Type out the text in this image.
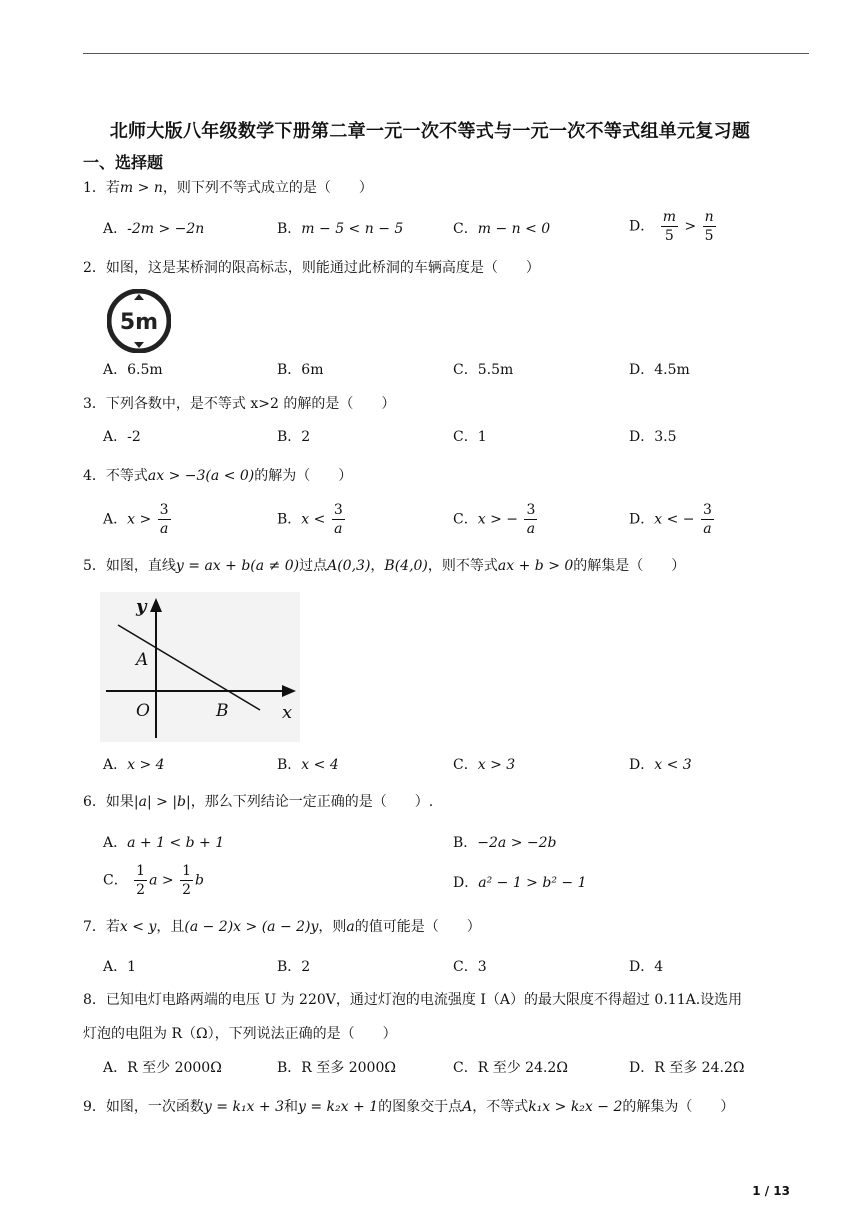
北师大版八年级数学下册第二章一元一次不等式与一元一次不等式组单元复习题
一、选择题
1．若m > n，则下列不等式成立的是（　　）
A．-2m > −2n	B．m − 5 < n − 5	C．m − n < 0	D． $\frac{m}{5} > \frac{n}{5}$
2．如图，这是某桥洞的限高标志，则能通过此桥洞的车辆高度是（　　）
5m
A．6.5m	B．6m	C．5.5m	D．4.5m
3．下列各数中，是不等式 x>2 的解的是（　　）
A．-2	B．2	C．1	D．3.5
4．不等式ax > −3(a < 0)的解为（　　）
A．$x > \frac{3}{a}$	B．$x < \frac{3}{a}$	C．x > − $\frac{3}{a}$	D．x < − $\frac{3}{a}$
5．如图，直线y = ax + b(a ≠ 0)过点A(0,3)，B(4,0)，则不等式ax + b > 0的解集是（　　）
y
x
O
A
B
A．x > 4	B．x < 4	C．x > 3	D．x < 3
6．如果|a| > |b|，那么下列结论一定正确的是（　　）.
A．a + 1 < b + 1	B．−2a > −2b
C． $\frac{1}{2}$ $a > \frac{1}{2}$ b	D．a² − 1 > b² − 1
7．若x < y，且(a − 2)x > (a − 2)y，则a的值可能是（　　）
A．1	B．2	C．3	D．4
8．已知电灯电路两端的电压 U 为 220V，通过灯泡的电流强度 I（A）的最大限度不得超过 0.11A.设选用
灯泡的电阻为 R（Ω），下列说法正确的是（　　）
A．R 至少 2000Ω	B．R 至多 2000Ω	C．R 至少 24.2Ω	D．R 至多 24.2Ω
9．如图，一次函数y = k₁x + 3和y = k₂x + 1的图象交于点A，不等式k₁x > k₂x − 2的解集为（　　）
1 / 13
